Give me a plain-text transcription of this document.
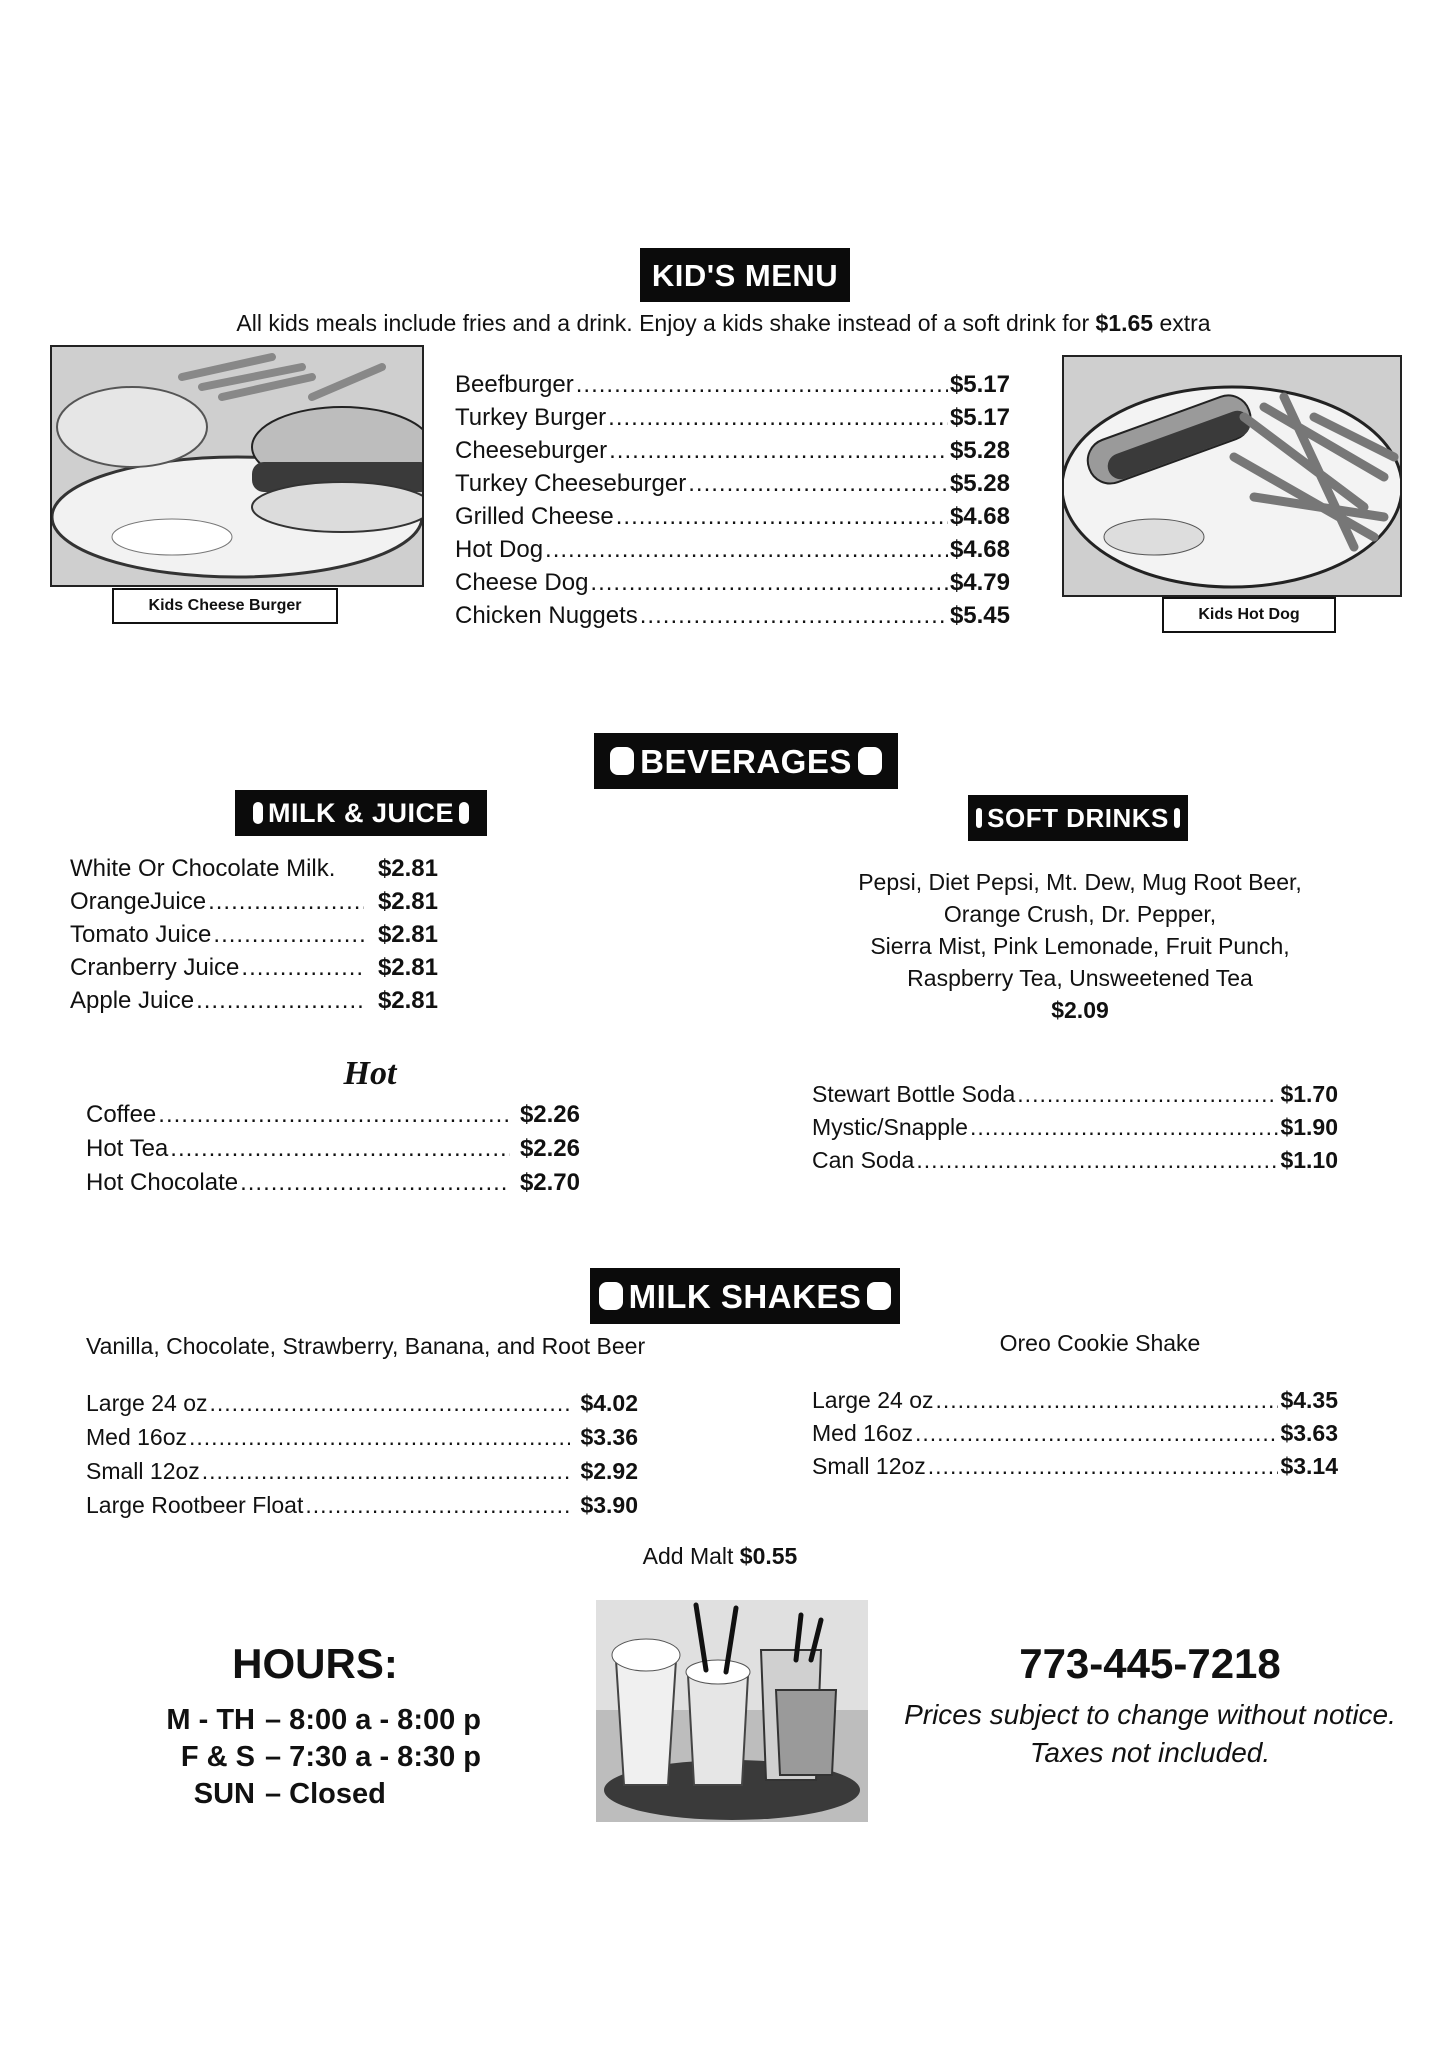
KID'S MENU
All kids meals include fries and a drink. Enjoy a kids shake instead of a soft drink for $1.65 extra
Kids Cheese Burger
Beefburger .....	$5.17
Turkey Burger .....	$5.17
Cheeseburger .....	$5.28
Turkey Cheeseburger .....	$5.28
Grilled Cheese .....	$4.68
Hot Dog .....	$4.68
Cheese Dog .....	$4.79
Chicken Nuggets .....	$5.45	Kids Hot Dog
BEVERAGES
MILK & JUICE
White Or Chocolate Milk. $2.81
OrangeJuice .....	$2.81
Tomato Juice .....	$2.81
Cranberry Juice .....	$2.81
Apple Juice .....	$2.81
Hot
Coffee .....	$2.26
Hot Tea .....	$2.26
Hot Chocolate .....	$2.70
SOFT DRINKS
Pepsi, Diet Pepsi, Mt. Dew, Mug Root Beer,
Orange Crush, Dr. Pepper,
Sierra Mist, Pink Lemonade, Fruit Punch,
Raspberry Tea, Unsweetened Tea
$2.09
Stewart Bottle Soda .....	$1.70
Mystic/Snapple .....	$1.90
Can Soda .....	$1.10
MILK SHAKES
Vanilla, Chocolate, Strawberry, Banana, and Root Beer
Large 24 oz .....	$4.02
Med 16oz .....	$3.36
Small 12oz .....	$2.92
Large Rootbeer Float .....	$3.90
Oreo Cookie Shake
Large 24 oz .....	$4.35
Med 16oz .....	$3.63
Small 12oz .....	$3.14
Add Malt $0.55
HOURS:
M - TH – 8:00 a - 8:00 p
F & S – 7:30 a - 8:30 p
SUN – Closed
773-445-7218
Prices subject to change without notice.
Taxes not included.
